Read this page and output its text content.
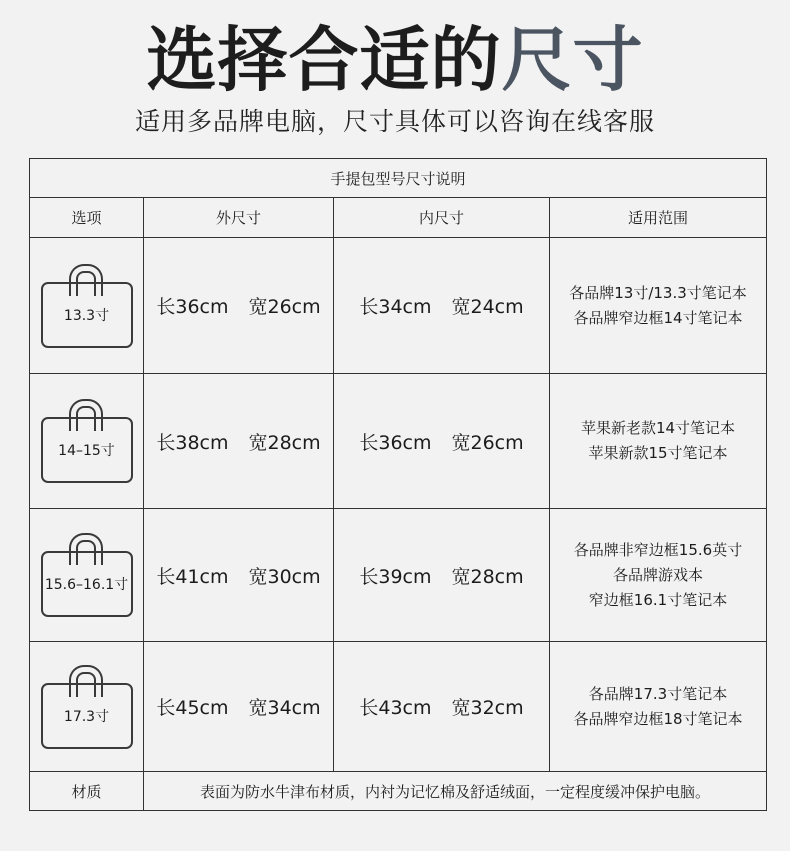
选择合适的尺寸
适用多品牌电脑，尺寸具体可以咨询在线客服
手提包型号尺寸说明			
选项	外尺寸	内尺寸	适用范围

13.3寸	长36cm 宽26cm	长34cm 宽24cm	各品牌13寸/13.3寸笔记本
各品牌窄边框14寸笔记本

14–15寸	长38cm 宽28cm	长36cm 宽26cm	苹果新老款14寸笔记本
苹果新款15寸笔记本

15.6–16.1寸	长41cm 宽30cm	长39cm 宽28cm	各品牌非窄边框15.6英寸
各品牌游戏本
窄边框16.1寸笔记本

17.3寸	长45cm 宽34cm	长43cm 宽32cm	各品牌17.3寸笔记本
各品牌窄边框18寸笔记本

材质	表面为防水牛津布材质，内衬为记忆棉及舒适绒面，一定程度缓冲保护电脑。		
